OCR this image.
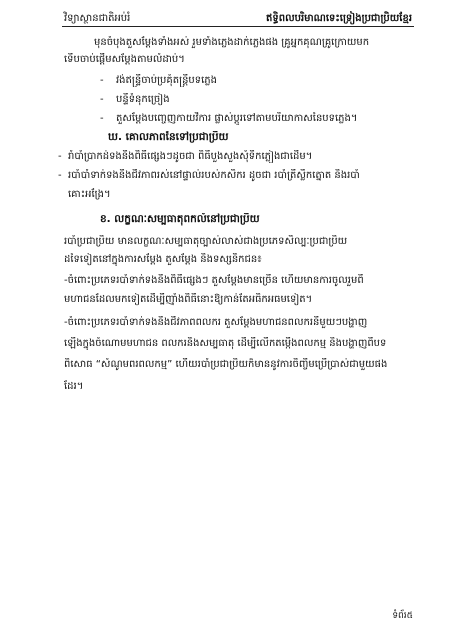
វិទ្យាស្ថានជាតិអប់រំ	ឥទ្ធិពលបរិមាណទេះទ្រៀងប្រជាប្រិយខ្មែរ
មុនចំបុងតួសម្ដែងទាំងអស់ រួមទាំងភ្លេងដាក់ភ្លេងផង គ្រូអ្នកគុណគ្រូក្រោយមក
ទើបចាប់ផ្ដើមសម្ដែងតាមលំដាប់។
- វង់ឥន្ទ្រីចាប់ប្រគុំតន្ត្រីបទភ្លេង
- បន្ទីទំនុកច្រៀង
- តួសម្ដែងបញ្ចេញកាយវិការ ផ្លាស់ប្ដូរទៅតាមបរិយាកាសនៃបទភ្លេង។
ឃ. គោលភាពនៃទៅប្រជាប្រិយ
- រាំបាំប្រាកដ់ទងនឹងពិធីផ្សេងៗដូចជា ពិធីបួងសួងសុំទឹកភ្លៀងជាដើម។
- របាំបាំទាក់ទងនឹងជីវភាពរស់នៅផ្ទាល់របស់កសិករ ដូចជា របាំត្រីស្លឹកត្នោត និងរបាំ
គោះអង្រែ។
ខ. លក្ខណៈសម្បធាតុពកលំនៅប្រជាប្រិយ
របាំប្រជាប្រិយ មានលក្ខណៈសម្បធាតុច្បាស់លាស់ជាងប្រភេទសិល្បៈប្រជាប្រិយ
ដទៃទៀតនៅក្នុងការសម្ដែង តួសម្ដែង និងទស្សនិកជន៖
-ចំពោះប្រភេទរបាំទាក់ទងនឹងពិធីផ្សេងៗ តួសម្ដែងមានច្រើន ហើយមានការចូលរួមពី
មហាជនដែលមកទៀតដើម្បីញ៉ាំងពិធីនោះឱ្យកាន់តែអធិកអធមទៀត។
-ចំពោះប្រភេទរបាំទាក់ទងនឹងជីវភាពពលករ តួសម្ដែងមហាជនពលករនីមួយៗបង្ហាញ
ឡើងក្នុងចំណោមមហាជន ពលករនិងសម្បធាតុ ដើម្បីលើកតម្កើងពលកម្ម និងបង្ហាញពីបទ
ពិសោធ “សំណូមពរពលកម្ម” ហើយរបាំប្រជាប្រិយក៏មាននូវការចិញ្ចឹមប្រើប្រាស់ជាមួយផង
ដែរ។
ទំព័រ៥
